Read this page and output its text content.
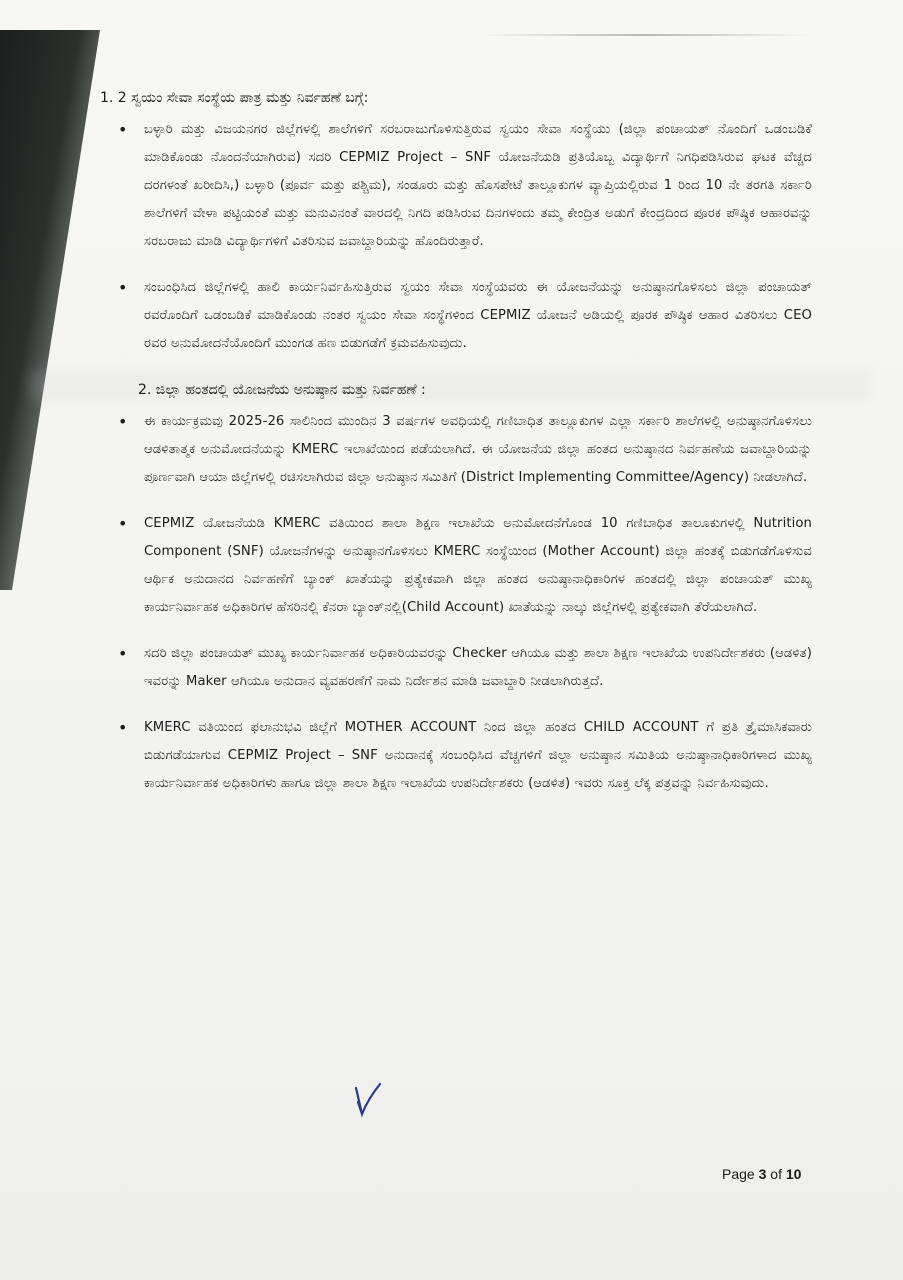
1. 2 ಸ್ವಯಂ ಸೇವಾ ಸಂಸ್ಥೆಯ ಪಾತ್ರ ಮತ್ತು ನಿರ್ವಹಣೆ ಬಗ್ಗೆ:

• ಬಳ್ಳಾರಿ ಮತ್ತು ವಿಜಯನಗರ ಜಿಲ್ಲೆಗಳಲ್ಲಿ ಶಾಲೆಗಳಿಗೆ ಸರಬರಾಜುಗೊಳಿಸುತ್ತಿರುವ ಸ್ವಯಂ ಸೇವಾ ಸಂಸ್ಥೆಯು (ಜಿಲ್ಲಾ ಪಂಚಾಯತ್ ನೊಂದಿಗೆ ಒಡಂಬಡಿಕೆ ಮಾಡಿಕೊಂಡು ನೊಂದನೆಯಾಗಿರುವ) ಸದರಿ CEPMIZ Project – SNF ಯೋಜನೆಯಡಿ ಪ್ರತಿಯೊಬ್ಬ ವಿದ್ಯಾರ್ಥಿಗೆ ನಿಗಧಿಪಡಿಸಿರುವ ಘಟಕ ವೆಚ್ಚದ ದರಗಳಂತೆ ಖರೀದಿಸಿ,) ಬಳ್ಳಾರಿ (ಪೂರ್ವ ಮತ್ತು ಪಶ್ಚಿಮ), ಸಂಡೂರು ಮತ್ತು ಹೊಸಪೇಟೆ ತಾಲ್ಲೂಕುಗಳ ವ್ಯಾಪ್ತಿಯಲ್ಲಿರುವ 1 ರಿಂದ 10 ನೇ ತರಗತಿ ಸರ್ಕಾರಿ ಶಾಲೆಗಳಿಗೆ ವೇಳಾ ಪಟ್ಟಿಯಂತೆ ಮತ್ತು ಮನುವಿನಂತೆ ವಾರದಲ್ಲಿ ನಿಗದಿ ಪಡಿಸಿರುವ ದಿನಗಳಂದು ತಮ್ಮ ಕೇಂದ್ರಿತ ಅಡುಗೆ ಕೇಂದ್ರದಿಂದ ಪೂರಕ ಪೌಷ್ಠಿಕ ಆಹಾರವನ್ನು ಸರಬರಾಜು ಮಾಡಿ ವಿದ್ಯಾರ್ಥಿಗಳಿಗೆ ವಿತರಿಸುವ ಜವಾಬ್ದಾರಿಯನ್ನು ಹೊಂದಿರುತ್ತಾರೆ.
• ಸಂಬಂಧಿಸಿದ ಜಿಲ್ಲೆಗಳಲ್ಲಿ ಹಾಲಿ ಕಾರ್ಯನಿರ್ವಹಿಸುತ್ತಿರುವ ಸ್ವಯಂ ಸೇವಾ ಸಂಸ್ಥೆಯವರು ಈ ಯೋಜನೆಯನ್ನು ಅನುಷ್ಠಾನಗೊಳಿಸಲು ಜಿಲ್ಲಾ ಪಂಚಾಯತ್ ರವರೊಂದಿಗೆ ಒಡಂಬಡಿಕೆ ಮಾಡಿಕೊಂಡು ನಂತರ ಸ್ವಯಂ ಸೇವಾ ಸಂಸ್ಥೆಗಳಿಂದ CEPMIZ ಯೋಜನೆ ಅಡಿಯಲ್ಲಿ ಪೂರಕ ಪೌಷ್ಠಿಕ ಆಹಾರ ವಿತರಿಸಲು CEO ರವರ ಅನುಮೋದನೆಯೊಂದಿಗೆ ಮುಂಗಡ ಹಣ ಬಿಡುಗಡೆಗೆ ಕ್ರಮವಹಿಸುವುದು.

2. ಜಿಲ್ಲಾ ಹಂತದಲ್ಲಿ ಯೋಜನೆಯ ಅನುಷ್ಠಾನ ಮತ್ತು ನಿರ್ವಹಣೆ :

• ಈ ಕಾರ್ಯಕ್ರಮವು 2025-26 ಸಾಲಿನಿಂದ ಮುಂದಿನ 3 ವರ್ಷಗಳ ಅವಧಿಯಲ್ಲಿ ಗಣಿಬಾಧಿತ ತಾಲ್ಲೂಕುಗಳ ಎಲ್ಲಾ ಸರ್ಕಾರಿ ಶಾಲೆಗಳಲ್ಲಿ ಅನುಷ್ಠಾನಗೊಳಿಸಲು ಆಡಳಿತಾತ್ಮಕ ಅನುಮೋದನೆಯನ್ನು KMERC ಇಲಾಖೆಯಿಂದ ಪಡೆಯಲಾಗಿದೆ. ಈ ಯೋಜನೆಯ ಜಿಲ್ಲಾ ಹಂತದ ಅನುಷ್ಠಾನದ ನಿರ್ವಹಣೆಯ ಜವಾಬ್ದಾರಿಯನ್ನು ಪೂರ್ಣವಾಗಿ ಆಯಾ ಜಿಲ್ಲೆಗಳಲ್ಲಿ ರಚಿಸಲಾಗಿರುವ ಜಿಲ್ಲಾ ಅನುಷ್ಠಾನ ಸಮಿತಿಗೆ (District Implementing Committee/Agency) ನೀಡಲಾಗಿದೆ.
• CEPMIZ ಯೋಜನೆಯಡಿ KMERC ವತಿಯಿಂದ ಶಾಲಾ ಶಿಕ್ಷಣ ಇಲಾಖೆಯ ಅನುಮೋದನೆಗೊಂಡ 10 ಗಣಿಬಾಧಿತ ತಾಲೂಕುಗಳಲ್ಲಿ Nutrition Component (SNF) ಯೋಜನೆಗಳನ್ನು ಅನುಷ್ಠಾನಗೊಳಿಸಲು KMERC ಸಂಸ್ಥೆಯಿಂದ (Mother Account) ಜಿಲ್ಲಾ ಹಂತಕ್ಕೆ ಬಿಡುಗಡೆಗೊಳಿಸುವ ಆರ್ಥಿಕ ಅನುದಾನದ ನಿರ್ವಹಣೆಗೆ ಬ್ಯಾಂಕ್ ಖಾತೆಯನ್ನು ಪ್ರತ್ಯೇಕವಾಗಿ ಜಿಲ್ಲಾ ಹಂತದ ಅನುಷ್ಠಾನಾಧಿಕಾರಿಗಳ ಹಂತದಲ್ಲಿ ಜಿಲ್ಲಾ ಪಂಚಾಯತ್ ಮುಖ್ಯ ಕಾರ್ಯನಿರ್ವಾಹಕ ಅಧಿಕಾರಿಗಳ ಹೆಸರಿನಲ್ಲಿ ಕೆನರಾ ಬ್ಯಾಂಕ್‌ನಲ್ಲಿ(Child Account) ಖಾತೆಯನ್ನು ನಾಲ್ಕು ಜಿಲ್ಲೆಗಳಲ್ಲಿ ಪ್ರತ್ಯೇಕವಾಗಿ ತೆರೆಯಲಾಗಿದೆ.
• ಸದರಿ ಜಿಲ್ಲಾ ಪಂಚಾಯತ್ ಮುಖ್ಯ ಕಾರ್ಯನಿರ್ವಾಹಕ ಅಧಿಕಾರಿಯವರನ್ನು Checker ಆಗಿಯೂ ಮತ್ತು ಶಾಲಾ ಶಿಕ್ಷಣ ಇಲಾಖೆಯ ಉಪನಿರ್ದೇಶಕರು (ಆಡಳಿತ) ಇವರನ್ನು Maker ಆಗಿಯೂ ಅನುದಾನ ವ್ಯವಹರಣೆಗೆ ನಾಮ ನಿರ್ದೇಶನ ಮಾಡಿ ಜವಾಬ್ದಾರಿ ನೀಡಲಾಗಿರುತ್ತದೆ.
• KMERC ವತಿಯಿಂದ ಫಲಾನುಭವಿ ಜಿಲ್ಲೆಗೆ MOTHER ACCOUNT ನಿಂದ ಜಿಲ್ಲಾ ಹಂತದ CHILD ACCOUNT ಗೆ ಪ್ರತಿ ತ್ರೈಮಾಸಿಕವಾರು ಬಿಡುಗಡೆಯಾಗುವ CEPMIZ Project – SNF ಅನುದಾನಕ್ಕೆ ಸಂಬಂಧಿಸಿದ ವೆಚ್ಚಗಳಿಗೆ ಜಿಲ್ಲಾ ಅನುಷ್ಠಾನ ಸಮಿತಿಯ ಅನುಷ್ಠಾನಾಧಿಕಾರಿಗಳಾದ ಮುಖ್ಯ ಕಾರ್ಯನಿರ್ವಾಹಕ ಅಧಿಕಾರಿಗಳು ಹಾಗೂ ಜಿಲ್ಲಾ ಶಾಲಾ ಶಿಕ್ಷಣ ಇಲಾಖೆಯ ಉಪನಿರ್ದೇಶಕರು (ಆಡಳಿತ) ಇವರು ಸೂಕ್ತ ಲೆಕ್ಕ ಪತ್ರವನ್ನು ನಿರ್ವಹಿಸುವುದು.
Page 3 of 10
